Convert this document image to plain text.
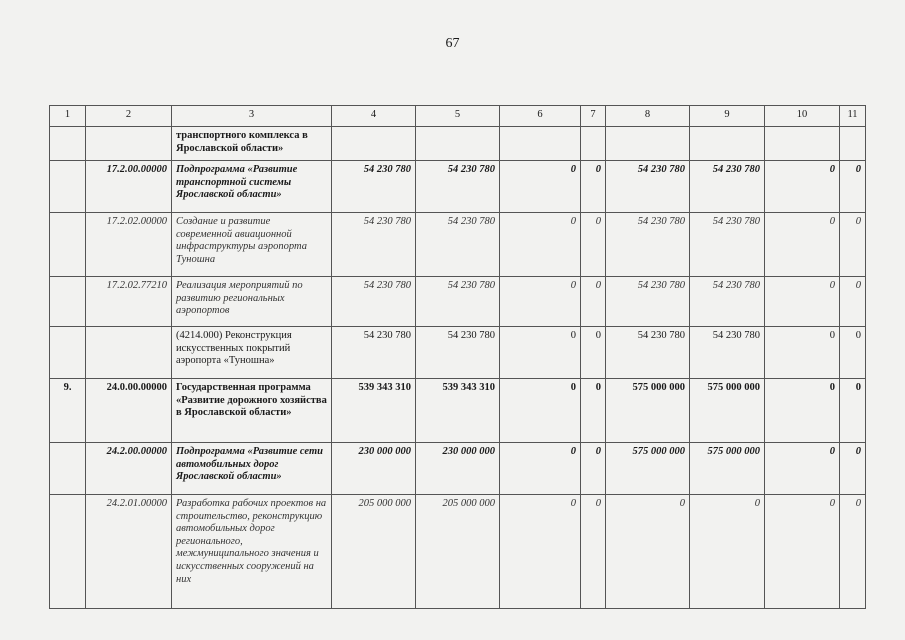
67
1	2	3	4	5	6	7	8	9	10	11
		транспортного комплекса в Ярославской области»								
	17.2.00.00000	Подпрограмма «Развитие транспортной системы Ярославской области»	54 230 780	54 230 780	0	0	54 230 780	54 230 780	0	0
	17.2.02.00000	Создание и развитие современной авиационной инфраструктуры аэропорта Туношна	54 230 780	54 230 780	0	0	54 230 780	54 230 780	0	0
	17.2.02.77210	Реализация мероприятий по развитию региональных аэропортов	54 230 780	54 230 780	0	0	54 230 780	54 230 780	0	0
		(4214.000) Реконструкция искусственных покрытий аэропорта «Туношна»	54 230 780	54 230 780	0	0	54 230 780	54 230 780	0	0
9.	24.0.00.00000	Государственная программа «Развитие дорожного хозяйства в Ярославской области»	539 343 310	539 343 310	0	0	575 000 000	575 000 000	0	0
	24.2.00.00000	Подпрограмма «Развитие сети автомобильных дорог Ярославской области»	230 000 000	230 000 000	0	0	575 000 000	575 000 000	0	0
	24.2.01.00000	Разработка рабочих проектов на строительство, реконструкцию автомобильных дорог регионального, межмуниципального значения и искусственных сооружений на них	205 000 000	205 000 000	0	0	0	0	0	0
